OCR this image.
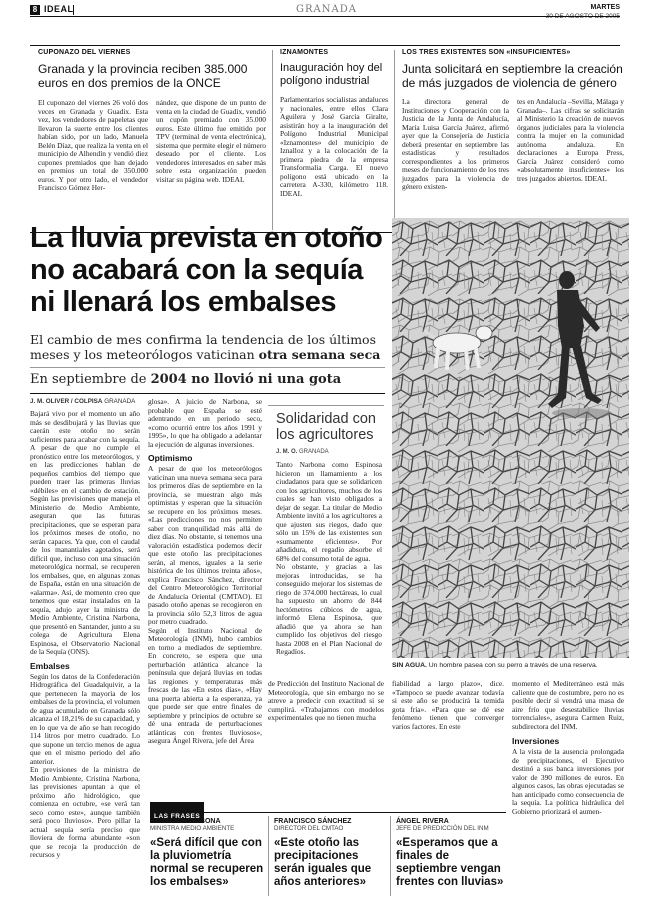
8 IDEAL	GRANADA	MARTES
CUPONAZO DEL VIERNES
Granada y la provincia reciben 385.000 euros en dos premios de la ONCE
El cuponazo del viernes 26 voló dos veces en Granada y Guadix. Esta vez, los vendedores de papeletas que llevaron la suerte entre los clientes habían sido, por un lado, Manuela Belén Díaz, que realiza la venta en el municipio de Alhendín y vendió diez cupones premiados que han dejado en premios un total de 350.000 euros. Y por otro lado, el vendedor Francisco Gómez Her-
nández, que dispone de un punto de venta en la ciudad de Guadix, vendió un cupón premiado con 35.000 euros. Este último fue emitido por TPV (terminal de venta electrónica), sistema que permite elegir el número deseado por el cliente. Los vendedores interesados en saber más sobre esta organización pueden visitar su página web. IDEAL
IZNAMONTES
Inauguración hoy del polígono industrial
Parlamentarios socialistas andaluces y nacionales, entre ellos Clara Aguilera y José García Giralte, asistirán hoy a la inauguración del Polígono Industrial Municipal «Iznamontes» del municipio de Iznalloz y a la colocación de la primera piedra de la empresa Transformalia Carga. El nuevo polígono está ubicado en la carretera A-330, kilómetro 118. IDEAL
LOS TRES EXISTENTES SON «INSUFICIENTES»
Junta solicitará en septiembre la creación de más juzgados de violencia de género
La directora general de Instituciones y Cooperación con la Justicia de la Junta de Andalucía, María Luisa García Juárez, afirmó ayer que la Consejería de Justicia deberá presentar en septiembre las estadísticas y resultados correspondientes a los primeros meses de funcionamiento de los tres juzgados para la violencia de género existen-
tes en Andalucía –Sevilla, Málaga y Granada–. Las cifras se solicitarán al Ministerio la creación de nuevos órganos judiciales para la violencia contra la mujer en la comunidad autónoma andaluza. En declaraciones a Europa Press, García Juárez consideró como «absolutamente insuficientes» los tres juzgados abiertos. IDEAL
La lluvia prevista en otoño
no acabará con la sequía
ni llenará los embalses
El cambio de mes confirma la tendencia de los últimos meses y los meteorólogos vaticinan otra semana seca
En septiembre de 2004 no llovió ni una gota
SIN AGUA. Un hombre pasea con su perro a través de una reserva.
J. M. OLIVER / COLPISA GRANADA
Bajará vivo por el momento un año más se desdibujará y las lluvias que caerán este otoño no serán suficientes para acabar con la sequía. A pesar de que no cumple el pronóstico entre los meteorólogos, y en las predicciones hablan de pequeños cambios del tiempo que pueden traer las primeras lluvias «débiles» en el cambio de estación. Según las previsiones que maneja el Ministerio de Medio Ambiente, aseguran que las futuras precipitaciones, que se esperan para los próximos meses de otoño, no serán capaces. Ya que, con el caudal de los manantiales agotados, será difícil que, incluso con una situación meteorológica normal, se recuperen los embalses, que, en algunas zonas de España, están en una situación de «alarma». Así, de momento creo que tenemos que estar instalados en la sequía, adujo ayer la ministra de Medio Ambiente, Cristina Narbona, que presentó en Santander, junto a su colega de Agricultura Elena Espinosa, el Observatorio Nacional de la Sequía (ONS).
Embalses
Según los datos de la Confederación Hidrográfica del Guadalquivir, a la que pertenecen la mayoría de los embalses de la provincia, el volumen de agua acumulado en Granada sólo alcanza el 18,21% de su capacidad, y en lo que va de año se han recogido 114 litros por metro cuadrado. Lo que supone un tercio menos de agua que en el mismo periodo del año anterior.
En previsiones de la ministra de Medio Ambiente, Cristina Narbona, las previsiones apuntan a que el próximo año hidrológico, que comienza en octubre, «se verá tan seco como este», aunque también será poco lluvioso». Pero pillar la actual sequía sería preciso que lloviera de forma abundante «son que se recoja la producción de recursos y
glosa». A juicio de Narbona, se probable que España se esté adentrando en un periodo seco, «como ocurrió entre los años 1991 y 1995», lo que ha obligado a adelantar la ejecución de algunas inversiones.
Optimismo
A pesar de que los meteorólogos vaticinan una nueva semana seca para los primeros días de septiembre en la provincia, se muestran algo más optimistas y esperan que la situación se recupere en los próximos meses. «Las predicciones no nos permiten saber con tranquilidad más allá de diez días. No obstante, si tenemos una valoración estadística podemos decir que este otoño las precipitaciones serán, al menos, iguales a la serie histórica de los últimos treinta años», explica Francisco Sánchez, director del Centro Meteorológico Territorial de Andalucía Oriental (CMTAO). El pasado otoño apenas se recogieron en la provincia sólo 52,3 litros de agua por metro cuadrado.
Según el Instituto Nacional de Meteorología (INM), hubo cambios en torno a mediados de septiembre. En concreto, se espera que una perturbación atlántica alcance la península que dejará lluvias en todas las regiones y temperaturas más frescas de las «En estos días», «Hay una puerta abierta a la esperanza, ya que puede ser que entre finales de septiembre y principios de octubre se dé una entrada de perturbaciones atlánticas con frentes lluviosos», asegura Ángel Rivera, jefe del Área
Solidaridad con los agricultores
J. M. O. GRANADA
Tanto Narbona como Espinosa hicieron un llamamiento a los ciudadanos para que se solidaricen con los agricultores, muchos de los cuales se han visto obligados a dejar de segar. La titular de Medio Ambiente invitó a los agricultores a que ajusten sus riegos, dado que sólo un 15% de las existentes son «sumamente eficientes». Por añadidura, el regadío absorbe el 68% del consumo total de agua.
No obstante, y gracias a las mejoras introducidas, se ha conseguido mejorar los sistemas de riego de 374.000 hectáreas, lo cual ha supuesto un ahorro de 844 hectómetros cúbicos de agua, informó Elena Espinosa, que añadió que ya ahora se han cumplido los objetivos del riesgo hasta 2008 en el Plan Nacional de Regadíos.
de Predicción del Instituto Nacional de Meteorología, que sin embargo no se atreve a predecir con exactitud si se cumplirá. «Trabajamos con modelos experimentales que no tienen mucha
fiabilidad a largo plazo», dice. «Tampoco se puede avanzar todavía si este año se producirá la temida gota fría». «Para que se dé ese fenómeno tienen que converger varios factores. En este
momento el Mediterráneo está más caliente que de costumbre, pero no es posible decir si vendrá una masa de aire frío que desestabilice lluvias torrenciales», asegura Carmen Ruiz, subdirectora del INM.
Inversiones
A la vista de la ausencia prolongada de precipitaciones, el Ejecutivo destinó a sus banca inversiones por valor de 390 millones de euros. En algunos casos, las obras ejecutadas se han anticipado como consecuencia de la sequía. La política hidráulica del Gobierno priorizará el aumen-
LAS FRASES
CRISTINA NARBONA
MINISTRA MEDIO AMBIENTE
«Será difícil que con la pluviometría normal se recuperen los embalses»
FRANCISCO SÁNCHEZ
DIRECTOR DEL CMTAO
«Este otoño las precipitaciones serán iguales que años anteriores»
ÁNGEL RIVERA
JEFE DE PREDICCIÓN DEL INM
«Esperamos que a finales de septiembre vengan frentes con lluvias»
